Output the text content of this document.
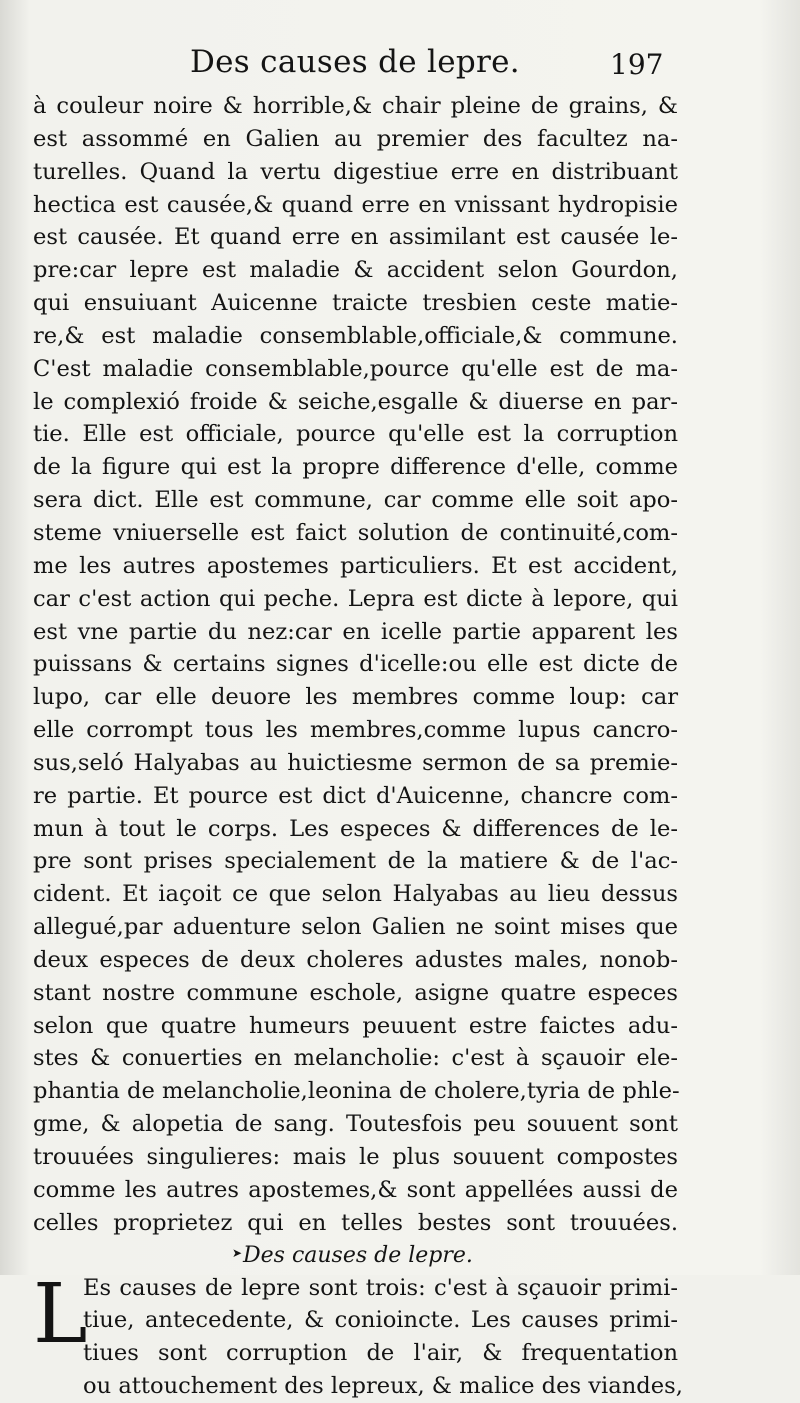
Des causes de lepre.	197
à couleur noire & horrible,& chair pleine de grains, &
est assommé en Galien au premier des facultez na-
turelles. Quand la vertu digestiue erre en distribuant
hectica est causée,& quand erre en vnissant hydropisie
est causée. Et quand erre en assimilant est causée le-
pre:car lepre est maladie & accident selon Gourdon,
qui ensuiuant Auicenne traicte tresbien ceste matie-
re,& est maladie consemblable,officiale,& commune.
C'est maladie consemblable,pource qu'elle est de ma-
le complexió froide & seiche,esgalle & diuerse en par-
tie. Elle est officiale, pource qu'elle est la corruption
de la figure qui est la propre difference d'elle, comme
sera dict. Elle est commune, car comme elle soit apo-
steme vniuerselle est faict solution de continuité,com-
me les autres apostemes particuliers. Et est accident,
car c'est action qui peche. Lepra est dicte à lepore, qui
est vne partie du nez:car en icelle partie apparent les
puissans & certains signes d'icelle:ou elle est dicte de
lupo, car elle deuore les membres comme loup: car
elle corrompt tous les membres,comme lupus cancro-
sus,seló Halyabas au huictiesme sermon de sa premie-
re partie. Et pource est dict d'Auicenne, chancre com-
mun à tout le corps. Les especes & differences de le-
pre sont prises specialement de la matiere & de l'ac-
cident. Et iaçoit ce que selon Halyabas au lieu dessus
allegué,par aduenture selon Galien ne soint mises que
deux especes de deux choleres adustes males, nonob-
stant nostre commune eschole, asigne quatre especes
selon que quatre humeurs peuuent estre faictes adu-
stes & conuerties en melancholie: c'est à sçauoir ele-
phantia de melancholie,leonina de cholere,tyria de phle-
gme, & alopetia de sang. Toutesfois peu souuent sont
trouuées singulieres: mais le plus souuent compostes
comme les autres apostemes,& sont appellées aussi de
celles proprietez qui en telles bestes sont trouuées.
Des causes de lepre.
L
Es causes de lepre sont trois: c'est à sçauoir primi-
tiue, antecedente, & conioincte. Les causes primi-
tiues sont corruption de l'air, & frequentation
ou attouchement des lepreux, & malice des viandes,
➤
